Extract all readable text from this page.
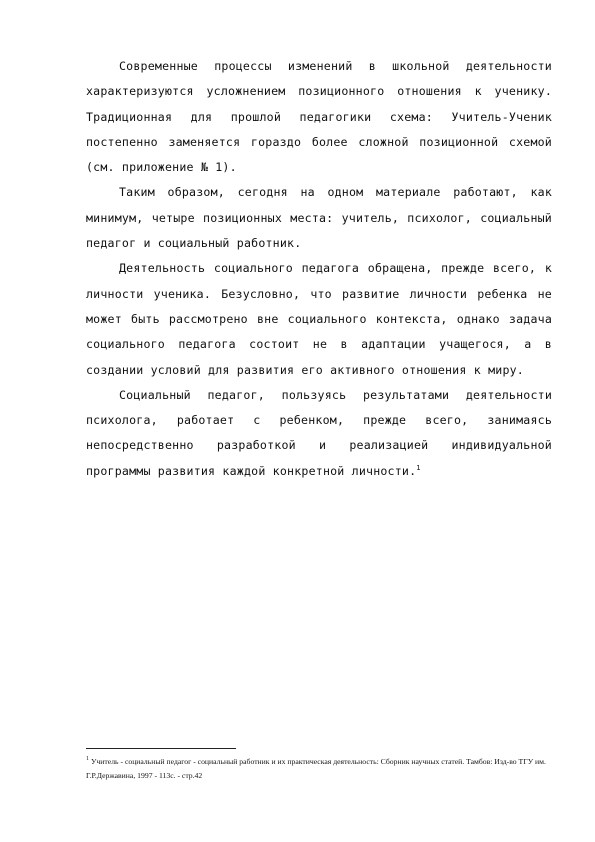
Современные процессы изменений в школьной деятельности характеризуются усложнением позиционного отношения к ученику. Традиционная для прошлой педагогики схема: Учитель-Ученик постепенно заменяется гораздо более сложной позиционной схемой (см. приложение № 1).

Таким образом, сегодня на одном материале работают, как минимум, четыре позиционных места: учитель, психолог, социальный педагог и социальный работник.

Деятельность социального педагога обращена, прежде всего, к личности ученика. Безусловно, что развитие личности ребенка не может быть рассмотрено вне социального контекста, однако задача социального педагога состоит не в адаптации учащегося, а в создании условий для развития его активного отношения к миру.

Социальный педагог, пользуясь результатами деятельности психолога, работает с ребенком, прежде всего, занимаясь непосредственно разработкой и реализацией индивидуальной программы развития каждой конкретной личности.$^1$

$^1$ Учитель - социальный педагог - социальный работник и их практическая деятельность: Сборник научных статей. Тамбов: Изд-во ТГУ им. Г.Р.Державина, 1997 - 113с. - стр.42
